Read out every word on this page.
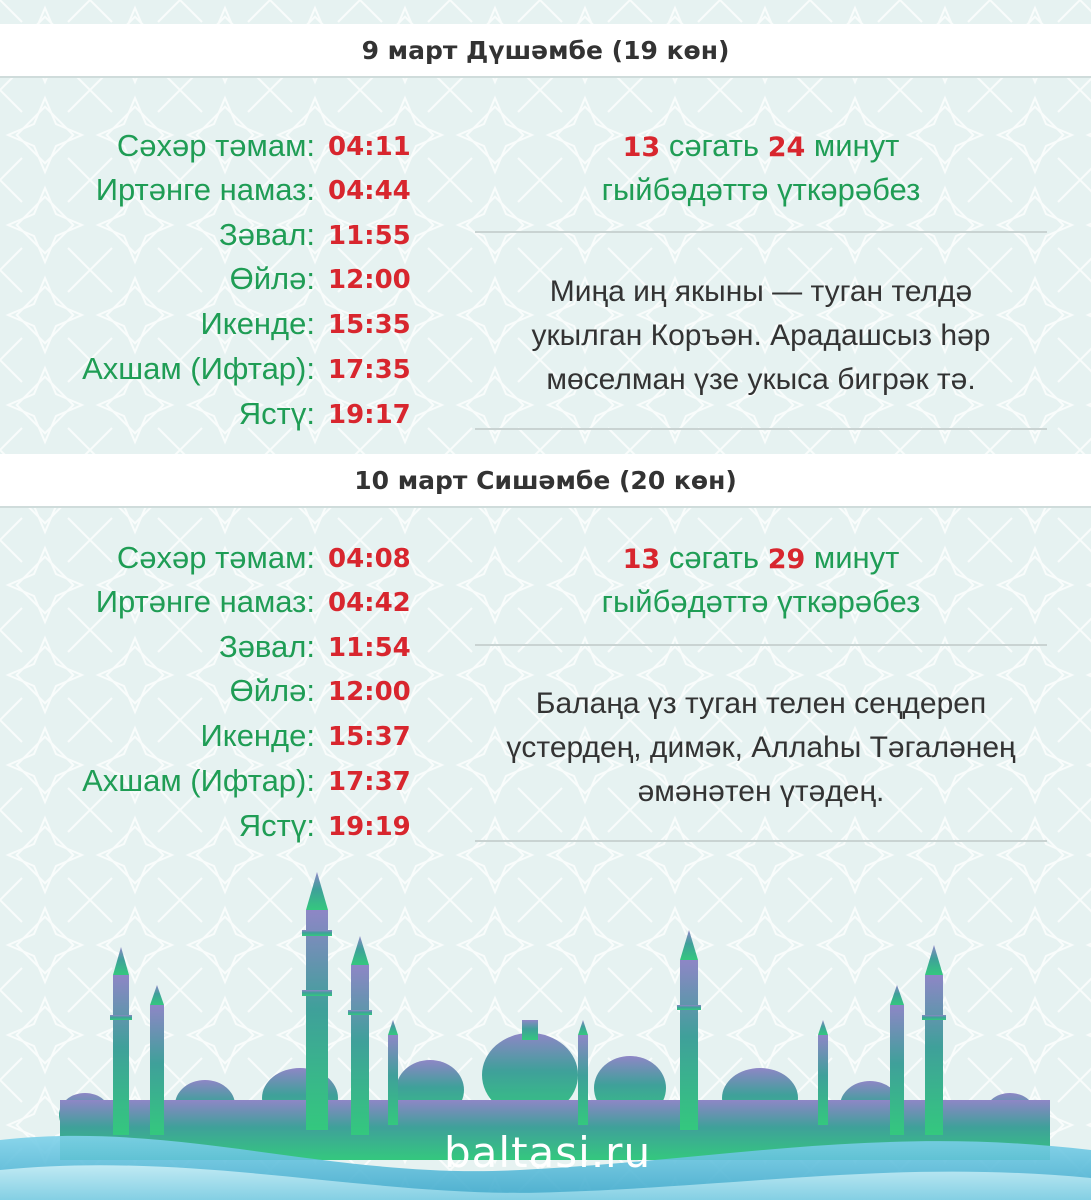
9 март Дүшәмбе (19 көн)
Сәхәр тәмам: 04:11
Иртәнге намаз: 04:44
Зәвал: 11:55
Өйлә: 12:00
Икенде: 15:35
Ахшам (Ифтар): 17:35
Ястү: 19:17
13 сәгать 24 минут
гыйбәдәттә үткәрәбез
Миңа иң якыны — туган телдә
укылган Коръән. Арадашсыз һәр
мөселман үзе укыса бигрәк тә.
10 март Сишәмбе (20 көн)
Сәхәр тәмам: 04:08
Иртәнге намаз: 04:42
Зәвал: 11:54
Өйлә: 12:00
Икенде: 15:37
Ахшам (Ифтар): 17:37
Ястү: 19:19
13 сәгать 29 минут
гыйбәдәттә үткәрәбез
Балаңа үз туган телен сеңдереп
үстердең, димәк, Аллаһы Тәгаләнең
әмәнәтен үтәдең.
baltasi.ru
